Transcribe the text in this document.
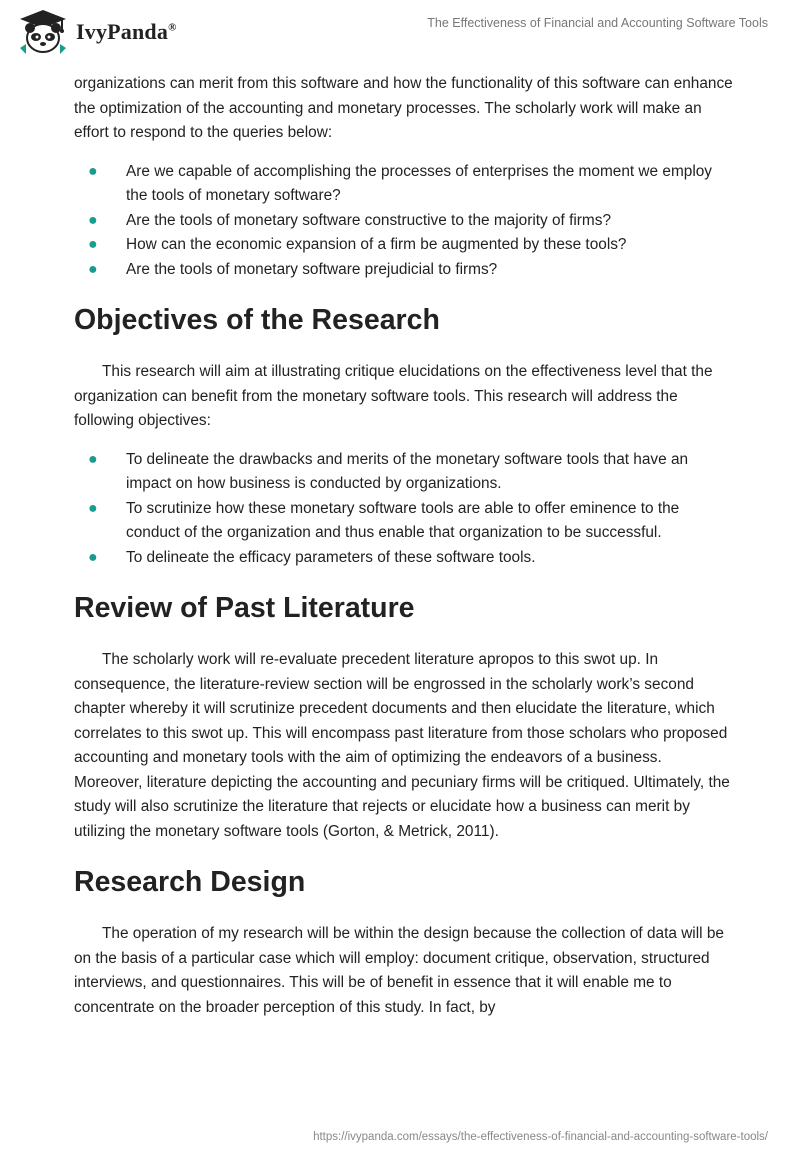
IvyPanda®	The Effectiveness of Financial and Accounting Software Tools

organizations can merit from this software and how the functionality of this software can enhance the optimization of the accounting and monetary processes. The scholarly work will make an effort to respond to the queries below:

● Are we capable of accomplishing the processes of enterprises the moment we employ the tools of monetary software?
● Are the tools of monetary software constructive to the majority of firms?
● How can the economic expansion of a firm be augmented by these tools?
● Are the tools of monetary software prejudicial to firms?
Objectives of the Research

This research will aim at illustrating critique elucidations on the effectiveness level that the organization can benefit from the monetary software tools. This research will address the following objectives:

● To delineate the drawbacks and merits of the monetary software tools that have an impact on how business is conducted by organizations.
● To scrutinize how these monetary software tools are able to offer eminence to the conduct of the organization and thus enable that organization to be successful.
● To delineate the efficacy parameters of these software tools.
Review of Past Literature

The scholarly work will re-evaluate precedent literature apropos to this swot up. In consequence, the literature-review section will be engrossed in the scholarly work’s second chapter whereby it will scrutinize precedent documents and then elucidate the literature, which correlates to this swot up. This will encompass past literature from those scholars who proposed accounting and monetary tools with the aim of optimizing the endeavors of a business. Moreover, literature depicting the accounting and pecuniary firms will be critiqued. Ultimately, the study will also scrutinize the literature that rejects or elucidate how a business can merit by utilizing the monetary software tools (Gorton, & Metrick, 2011).

Research Design

The operation of my research will be within the design because the collection of data will be on the basis of a particular case which will employ: document critique, observation, structured interviews, and questionnaires. This will be of benefit in essence that it will enable me to concentrate on the broader perception of this study. In fact, by

https://ivypanda.com/essays/the-effectiveness-of-financial-and-accounting-software-tools/
